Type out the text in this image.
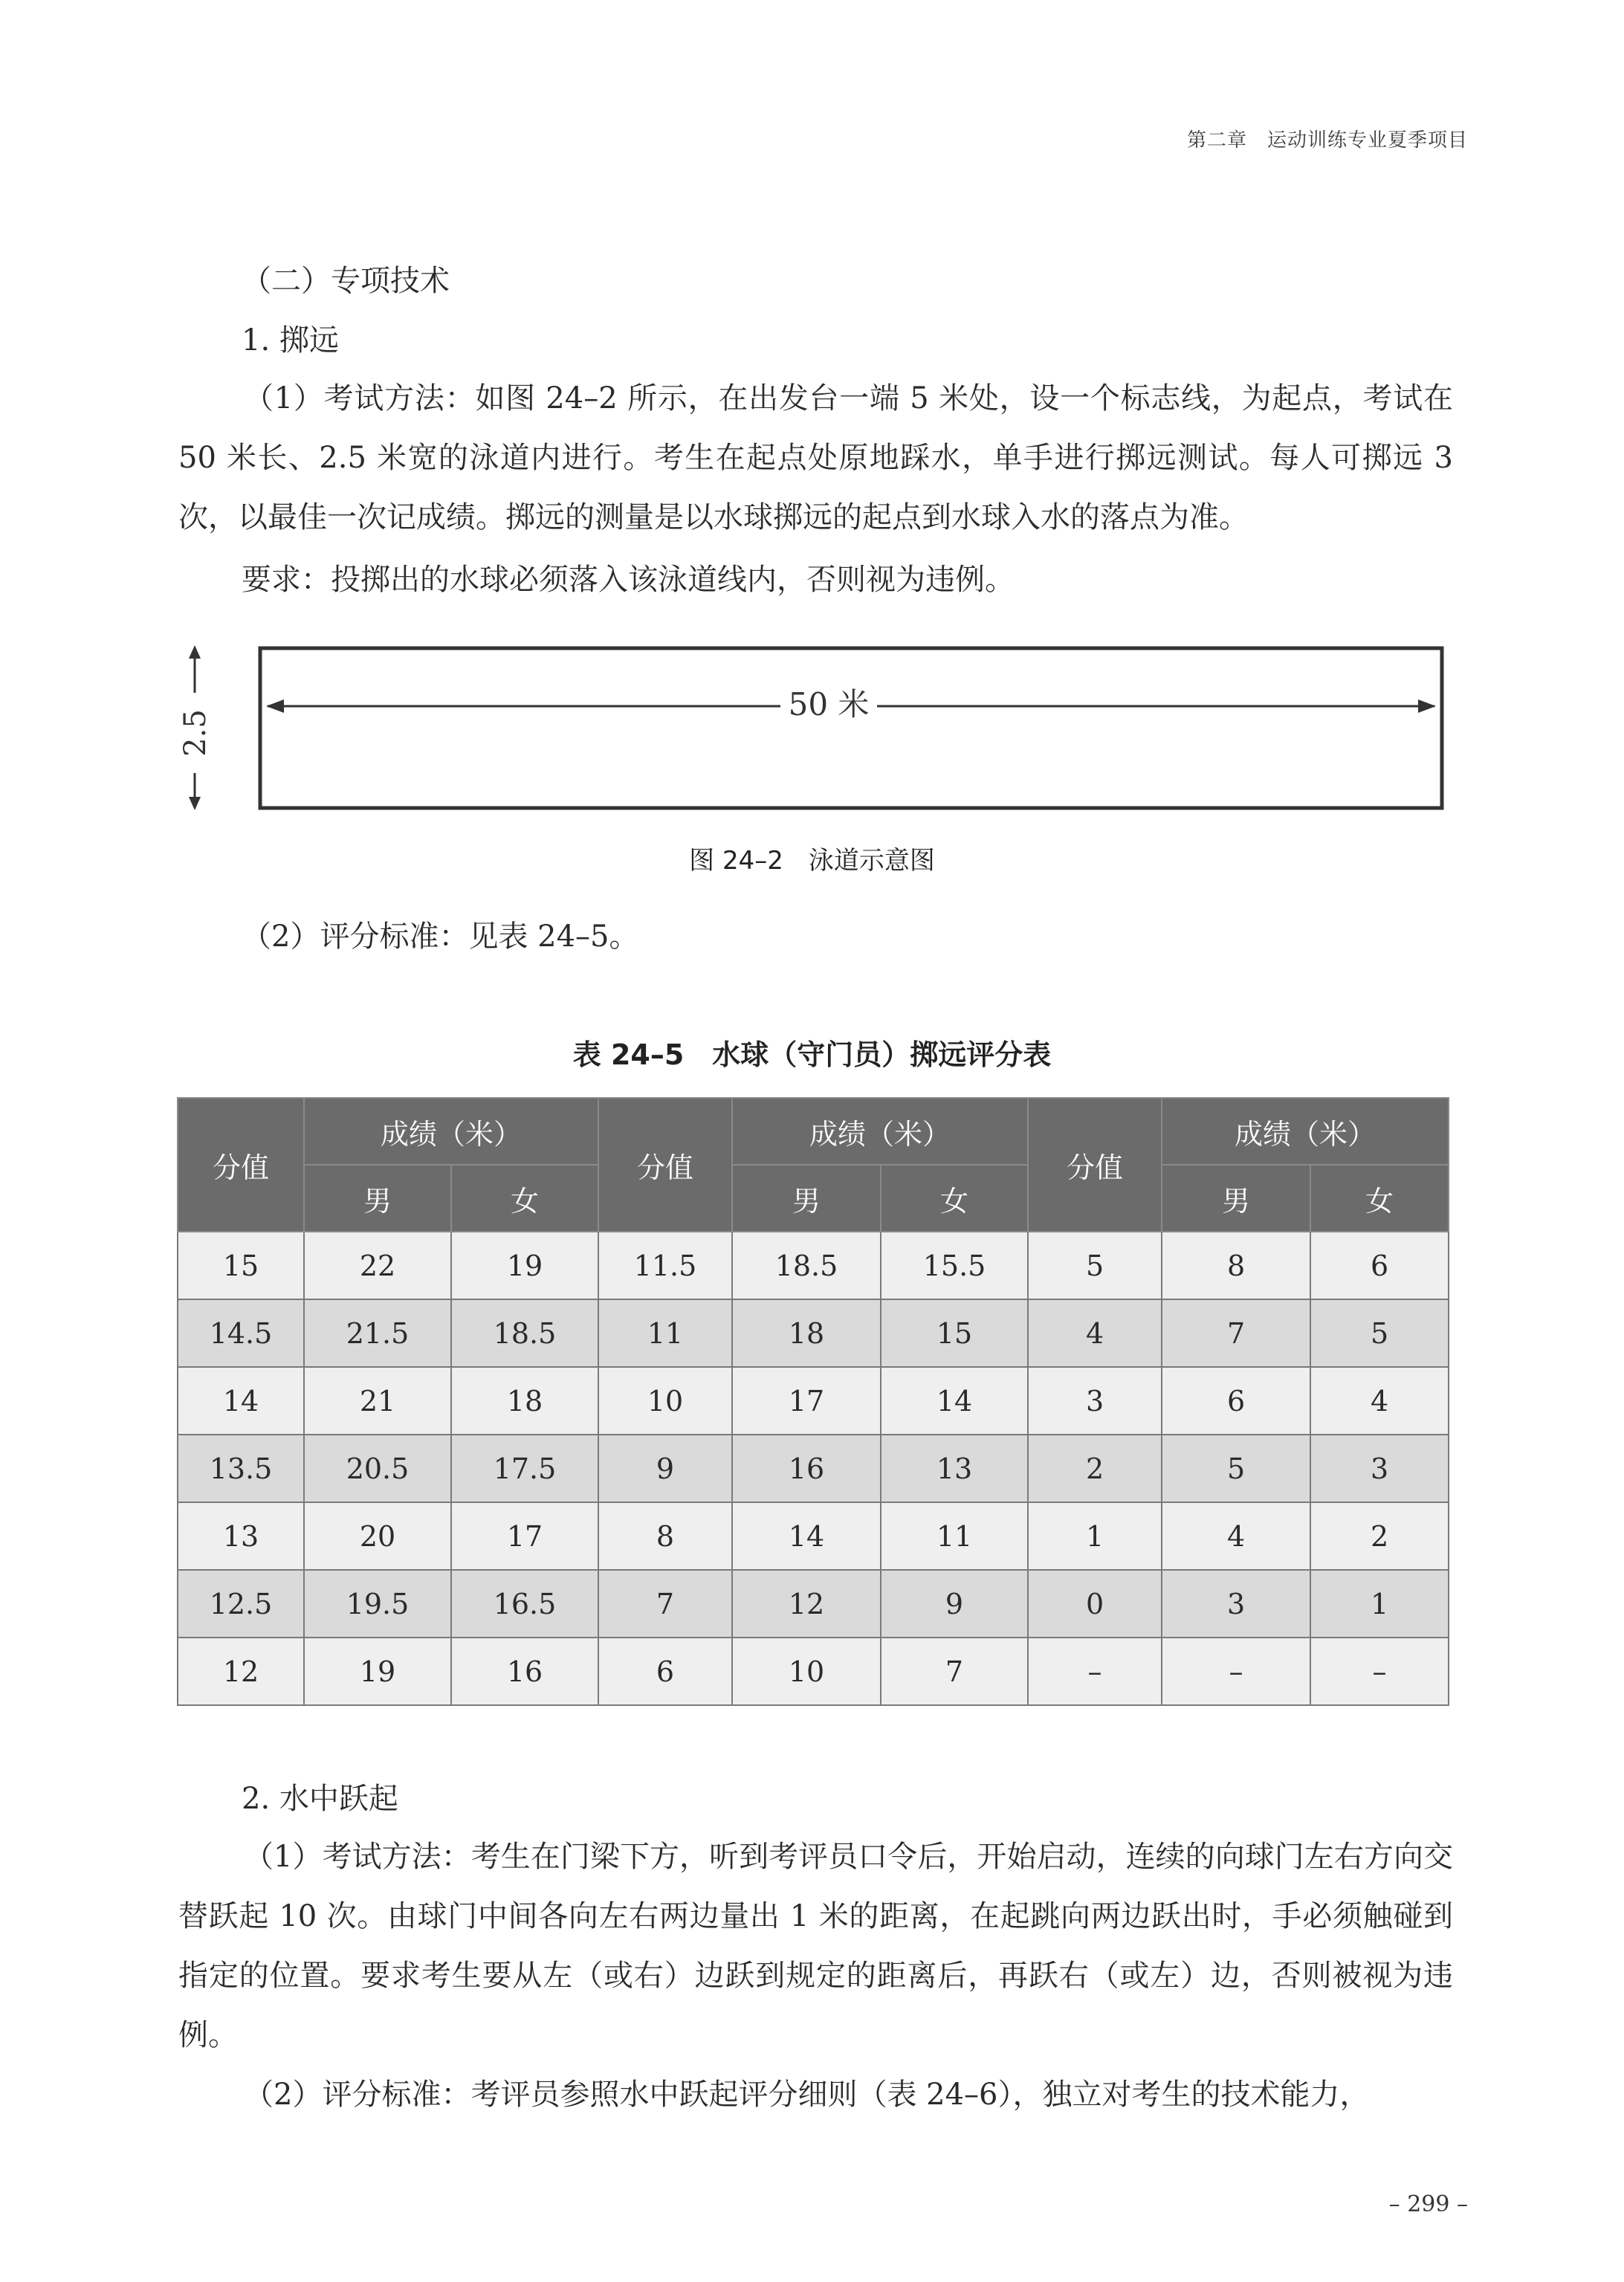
第二章　运动训练专业夏季项目

（二）专项技术

1. 掷远

（1）考试方法：如图 24–2 所示，在出发台一端 5 米处，设一个标志线，为起点，考试在 50 米长、2.5 米宽的泳道内进行。考生在起点处原地踩水，单手进行掷远测试。每人可掷远 3 次，以最佳一次记成绩。掷远的测量是以水球掷远的起点到水球入水的落点为准。

要求：投掷出的水球必须落入该泳道线内，否则视为违例。

50 米
2.5
图 24–2　泳道示意图

（2）评分标准：见表 24–5。

表 24–5　水球（守门员）掷远评分表
分值	成绩（米）		分值	成绩（米）		分值	成绩（米）	
	男	女		男	女		男	女
15	22	19	11.5	18.5	15.5	5	8	6
14.5	21.5	18.5	11	18	15	4	7	5
14	21	18	10	17	14	3	6	4
13.5	20.5	17.5	9	16	13	2	5	3
13	20	17	8	14	11	1	4	2
12.5	19.5	16.5	7	12	9	0	3	1
12	19	16	6	10	7	–	–	–

2. 水中跃起

（1）考试方法：考生在门梁下方，听到考评员口令后，开始启动，连续的向球门左右方向交替跃起 10 次。由球门中间各向左右两边量出 1 米的距离，在起跳向两边跃出时，手必须触碰到指定的位置。要求考生要从左（或右）边跃到规定的距离后，再跃右（或左）边，否则被视为违例。

（2）评分标准：考评员参照水中跃起评分细则（表 24–6），独立对考生的技术能力，

– 299 –
